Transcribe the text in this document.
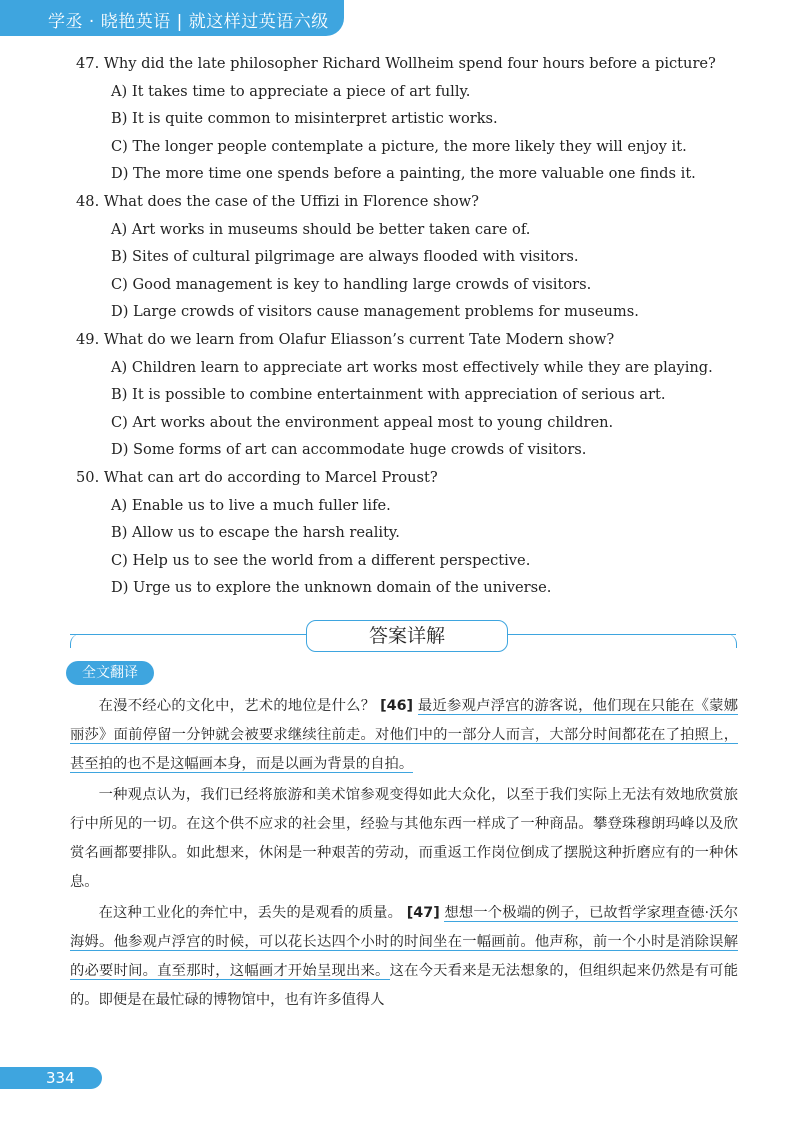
学丞 · 晓艳英语 | 就这样过英语六级
47. Why did the late philosopher Richard Wollheim spend four hours before a picture?
A) It takes time to appreciate a piece of art fully.
B) It is quite common to misinterpret artistic works.
C) The longer people contemplate a picture, the more likely they will enjoy it.
D) The more time one spends before a painting, the more valuable one finds it.
48. What does the case of the Uffizi in Florence show?
A) Art works in museums should be better taken care of.
B) Sites of cultural pilgrimage are always flooded with visitors.
C) Good management is key to handling large crowds of visitors.
D) Large crowds of visitors cause management problems for museums.
49. What do we learn from Olafur Eliasson’s current Tate Modern show?
A) Children learn to appreciate art works most effectively while they are playing.
B) It is possible to combine entertainment with appreciation of serious art.
C) Art works about the environment appeal most to young children.
D) Some forms of art can accommodate huge crowds of visitors.
50. What can art do according to Marcel Proust?
A) Enable us to live a much fuller life.
B) Allow us to escape the harsh reality.
C) Help us to see the world from a different perspective.
D) Urge us to explore the unknown domain of the universe.
答案详解
全文翻译

在漫不经心的文化中，艺术的地位是什么？ [46] 最近参观卢浮宫的游客说，他们现在只能在《蒙娜丽莎》面前停留一分钟就会被要求继续往前走。对他们中的一部分人而言，大部分时间都花在了拍照上，甚至拍的也不是这幅画本身，而是以画为背景的自拍。

一种观点认为，我们已经将旅游和美术馆参观变得如此大众化，以至于我们实际上无法有效地欣赏旅行中所见的一切。在这个供不应求的社会里，经验与其他东西一样成了一种商品。攀登珠穆朗玛峰以及欣赏名画都要排队。如此想来，休闲是一种艰苦的劳动，而重返工作岗位倒成了摆脱这种折磨应有的一种休息。

在这种工业化的奔忙中，丢失的是观看的质量。 [47] 想想一个极端的例子，已故哲学家理查德·沃尔海姆。他参观卢浮宫的时候，可以花长达四个小时的时间坐在一幅画前。他声称，前一个小时是消除误解的必要时间。直至那时，这幅画才开始呈现出来。这在今天看来是无法想象的，但组织起来仍然是有可能的。即便是在最忙碌的博物馆中，也有许多值得人

334
